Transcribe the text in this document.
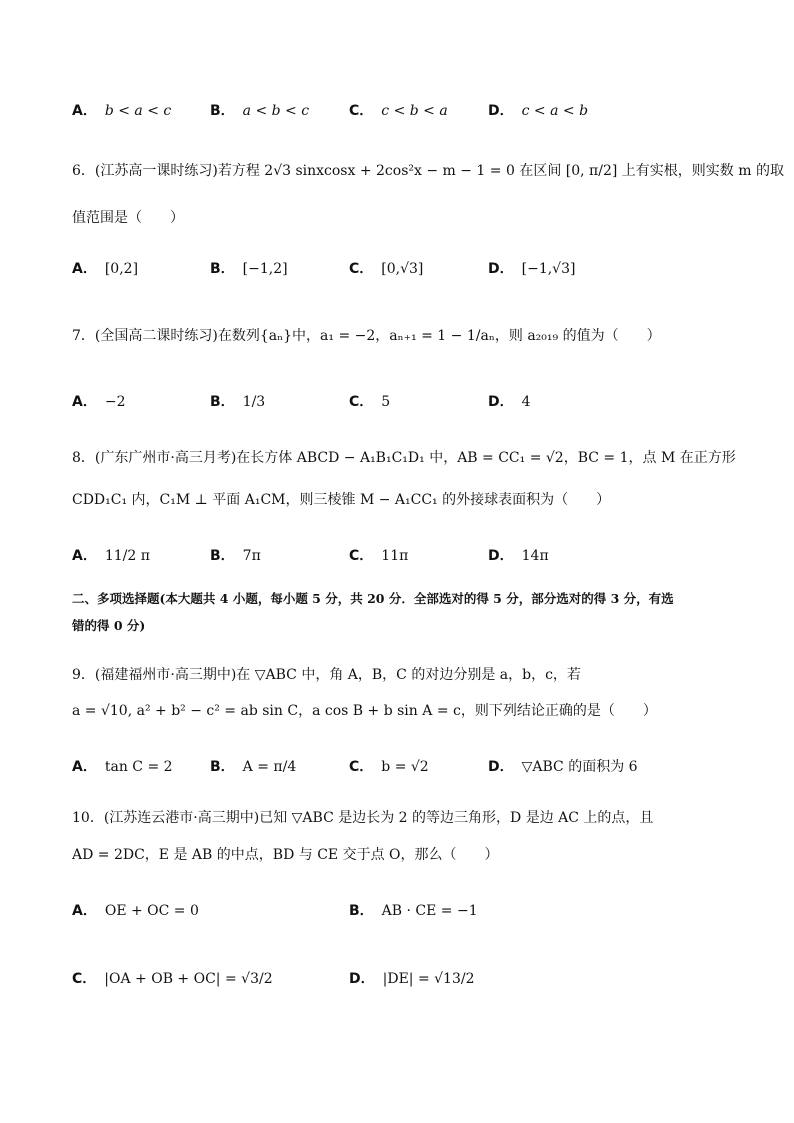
A． b < a < c	B． a < b < c	C． c < b < a	D． c < a < b
6．(江苏高一课时练习)若方程 2√3 sinxcosx + 2cos²x − m − 1 = 0 在区间 [0, π/2] 上有实根，则实数 m 的取
值范围是（　　）
A． [0,2]	B． [−1,2]	C． [0,√3]	D． [−1,√3]
7．(全国高二课时练习)在数列{aₙ}中，a₁ = −2，aₙ₊₁ = 1 − 1/aₙ，则 a₂₀₁₉ 的值为（　　）
A． −2	B． 1/3	C． 5	D． 4
8．(广东广州市·高三月考)在长方体 ABCD − A₁B₁C₁D₁ 中，AB = CC₁ = √2，BC = 1，点 M 在正方形
CDD₁C₁ 内，C₁M ⊥ 平面 A₁CM，则三棱锥 M − A₁CC₁ 的外接球表面积为（　　）
A． 11/2 π	B． 7π	C． 11π	D． 14π
二、多项选择题(本大题共 4 小题，每小题 5 分，共 20 分．全部选对的得 5 分，部分选对的得 3 分，有选
错的得 0 分)
9．(福建福州市·高三期中)在 ▽ABC 中，角 A，B，C 的对边分别是 a，b，c，若
a = √10, a² + b² − c² = ab sin C，a cos B + b sin A = c，则下列结论正确的是（　　）
A． tan C = 2	B． A = π/4	C． b = √2	D． ▽ABC 的面积为 6
10．(江苏连云港市·高三期中)已知 ▽ABC 是边长为 2 的等边三角形，D 是边 AC 上的点，且
AD = 2DC，E 是 AB 的中点，BD 与 CE 交于点 O，那么（　　）
A． OE + OC = 0	B． AB · CE = −1
C． |OA + OB + OC| = √3/2	D． |DE| = √13/2
